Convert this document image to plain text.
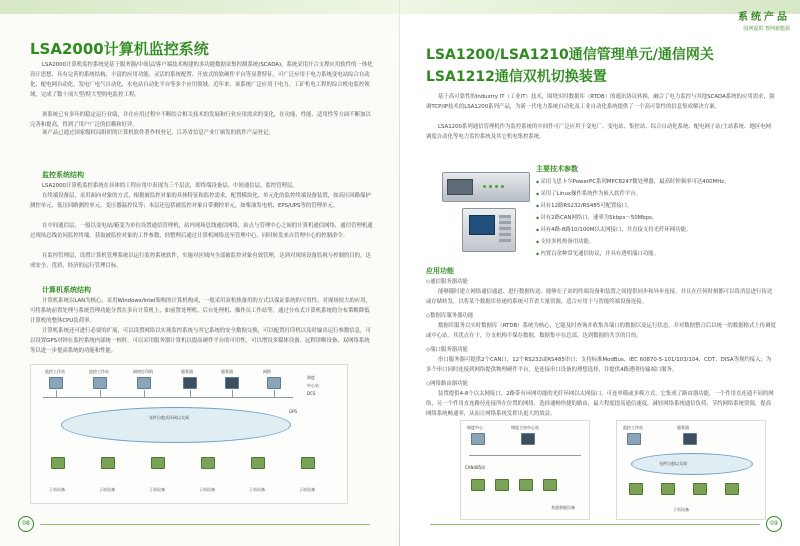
LSA2000计算机监控系统
LSA2000计算机监控系统是基于服务器/中间层/客户端技术构建的多功能数据采集控制系统(SCADA)。系统采用开合支撑应用软件的一体化设计思想，具有完善的系统结构、丰富的应用功能、灵活的系统配置、开放式的软硬件平台等显著特征，可广泛应用于电力系统变电站综合自动化、配电网自动化、发电厂电气自动化、水电站自动化平台等多个应用领域。近年来，该系统广泛应用于电力、工矿机电工程的综合机电监控领域，完成了数十项大型/特大型的电监控工程。
该系统已有多年的稳定运行业绩，并在应用过程中不断结合相关技术的发展和行业应用需求的变化，在功能、性能、适用性等方面不断加以完善和提高，得到了用户广泛的信赖和好评。
该产品已通过国家级权局组织的计算机软件著作权登记，江苏省信息产业厅颁发的软件产品登记。
监控系统结构
LSA2000计算机监控系统在具体的工程应用中表现为三个层次，即终端设备层、中间通信层、监控管理层。
在终端设备层，采用面向对象的方式，根据被监控对象的具体特征和监控需求，配置模块化、单元化的监控终端设备装置，如高压回路保护测控单元、低压回路测控单元、变压器温控仪等；本层还包括被监控对象自带测控单元，如柴油发电机、EPS/UPS等的管理单元。
在中间通信层，一般以变电站/箱变为单位设置通信管理机，站内现场总线通信网络，站点与管理中心之间的计算机通信网络，通信管理机通过现场总线访问监控终端，获取被监控对象的工作参数，经整理后通过计算机网络送至管理中心，同时转发来自管理中心的控制命令。
在监控管理层，设置计算机管理系统以运行监控系统软件，实施对区域内全部被监控对象有效管理，达到对现场设备监视与控制的目的，达成安全、优质、经济的运行管理目标。
计算机系统结构
计算机系统以LAN为核心，采用Windows/Intel架构的计算机构成，一般采用双机热备用的方式以保证系统的可用性。对现场较大的应用，可将系统前置处理与系统管理功能分置在多台计算机上，如前置处理机、后台处理机、操作员工作站等，通过分布式计算机系统的分布策略降低计算机的整体CPU负荷率。
计算机系统还可进行必要的扩展，可以设置网络以实现监控系统与其它系统的安全数据交换，可以配置打印机以及时输出运行参数信息，可以设置GPS对钟在监控系统内部统一校时，可以采用服务器计算机以提高硬件平台的可用性，可以增设多媒体设备、远程诊断设备、双网络系统等以进一步提高系统的功能和性能。
监控工作站	监控工作站	网络打印机	服务器	服务器	网桥
调度
中心站
DCS
光纤自愈式环网以太网
GPS
子站设备	子站设备	子站设备	子站设备	子站设备	子站设备
08
系统产品
国网提供 智网新能源
LSA1200/LSA1210通信管理单元/通信网关
LSA1212通信双机切换装置
基于高可靠性的Industry IT（工业IT）技术，围绕实时数据库（RTDB）的通讯协议转换，融合了电力监控与其他SCADA系统的应用需求，强调TCP/IP技术的LSA1200系列产品，为新一代电力系统自动化及工业自动化系统提供了一个高可靠性的信息集成解决方案。
LSA1200系列通信管理机作为监控系统的中间件可广泛应用于变电厂、变电站、集控站、综合自动化系统、配电网子站/主站系统、地区电网调度自动化等电力监控系统及其它机电集控系统。
主要技术参数
◆ 采用飞思卡尔PowerPC系列MPC8247微处理器，最高时钟频率可达400MHz。
◆ 采用了Linux操作系统作为嵌入软件平台。
◆ 具有12路RS232/RS485可配置接口。
◆ 具有2路CAN网络口，速率为5kbps～50Mbps。
◆ 具有4路-8路10/100M以太网接口，并直接支持光纤环网功能。
◆ 支持多机热备用功能。
◆ 内置百余种常见通信协议，并具有透明端口功能。
应用功能
◇通信服务器功能
能够随时建立网络通信通道、进行数据传送。能够在子站的终端设备和装置之间提供同步和异步连接，并且在任何时刻都可以将消息进行传送或存储转发，以将某个数据库传递的系统可节省大量资源，适合应用于与智能终端设备连接。
◇数据库服务器功能
数据库服务以实时数据库（RTDB）系统为核心，它能及时查询并收集各端口的数据以及运行状态，并对数据整合后以统一的数据格式上传调度或中心站。其优点在于，分支机构不保存数据，数据集中在总部，达到数据的共享的目的。
◇端口服务器功能
串口服务器可提供2个CAN口，12个RS232或RS485串口；支持标准ModBus、IEC 60870-5-101/103/104、CDT、DISA等规约接入；为多个串口同时连接到网络提供物理硬件平台，是连接串口设备的理想选择，并提供4路透明传输端口服务。
◇网络路由器功能
装置提供4-8个以太网接口，2路带有环网功能的光纤环网以太网接口，可连单模或多模方式，它集成了路由器功能，一个件用直连通不同的网络，另一个件用直连路径连接所在位置的网络，选择通畅快捷的路由，最大程度提高通信速度，减轻网络系统通信负荷，节约网络系统资源，提高网络系统畅通率，从而让网络系统发挥出更大的效益。
调度中心	调度主站中心站
CAN485网
其他智能设备
监控工作站	服务器
光纤自愈以太网
子站设备
09
